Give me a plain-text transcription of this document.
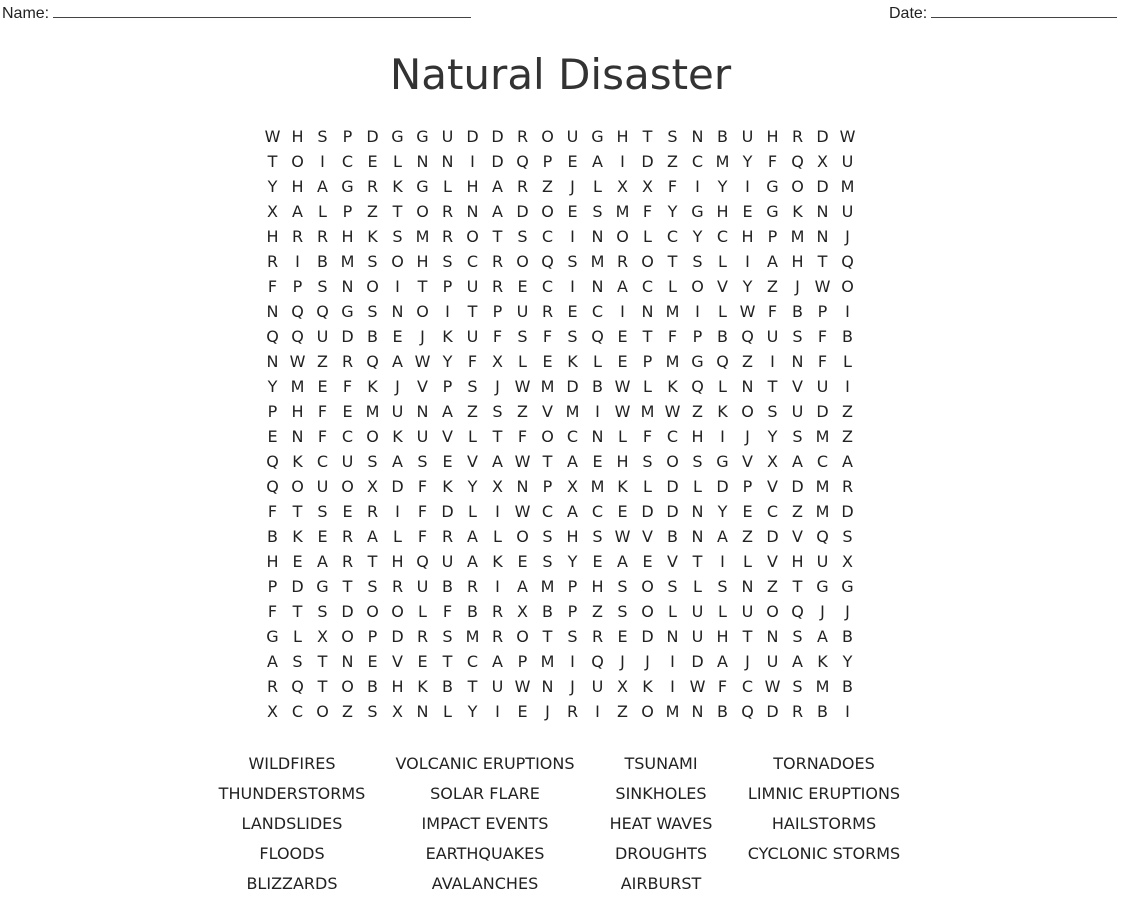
Name:	Date:
Natural Disaster
W H S P D G G U D D R O U G H T S N B U H R D W
T O	I	C E L N N	I	D Q P E A	I	D Z C M Y F Q X U
Y H A G R K G L H A R Z	J	L X X F	I	Y	I	G O D M
X A L P Z T O R N A D O E S M F Y G H E G K N U
H R R H K S M R O T S C	I	N O L C Y C H P M N	J
R	I	B M S O H S C R O Q S M R O T S L	I	A H T Q
F P S N O	I	T P U R E C	I	N A C L O V Y Z	J W O
N Q Q G S N O	I	T P U R E C	I	N M I	L W F B P	I
Q Q U D B E	J	K U F S F S Q E T F P B Q U S F B
N W Z R Q A W Y F X L E K L E P M G Q Z	I	N F L
Y M E F K	J	V P S	J W M D B W L K Q L N T V U	I
P H F E M U N A Z S Z V M I W M W Z K O S U D Z
E N F C O K U V L T F O C N L F C H	I	J	Y S M Z
Q K C U S A S E V A W T A E H S O S G V X A C A
Q O U O X D F K Y X N P X M K L D L D P V D M R
F T S E R	I	F D L	I W C A C E D D N Y E C Z M D
B K E R A L F R A L O S H S W V B N A Z D V Q S
H E A R T H Q U A K E S Y E A E V T	I	L V H U X
P D G T S R U B R	I	A M P H S O S L S N Z T G G
F T S D O O L F B R X B P Z S O L U L U O Q	J	J
G L X O P D R S M R O T S R E D N U H T N S A B
A S T N E V E T C A P M I	Q	J	J	I	D A	J	U A K Y
R Q T O B H K B T U W N	J	U X K	I W F C W S M B
X C O Z S X N L Y	I	E	J	R	I	Z O M N B Q D R B	I
WILDFIRES
THUNDERSTORMS
LANDSLIDES
FLOODS
BLIZZARDS
VOLCANIC ERUPTIONS
SOLAR FLARE
IMPACT EVENTS
EARTHQUAKES
AVALANCHES
TSUNAMI
SINKHOLES
HEAT WAVES
DROUGHTS
AIRBURST
TORNADOES
LIMNIC ERUPTIONS
HAILSTORMS
CYCLONIC STORMS
